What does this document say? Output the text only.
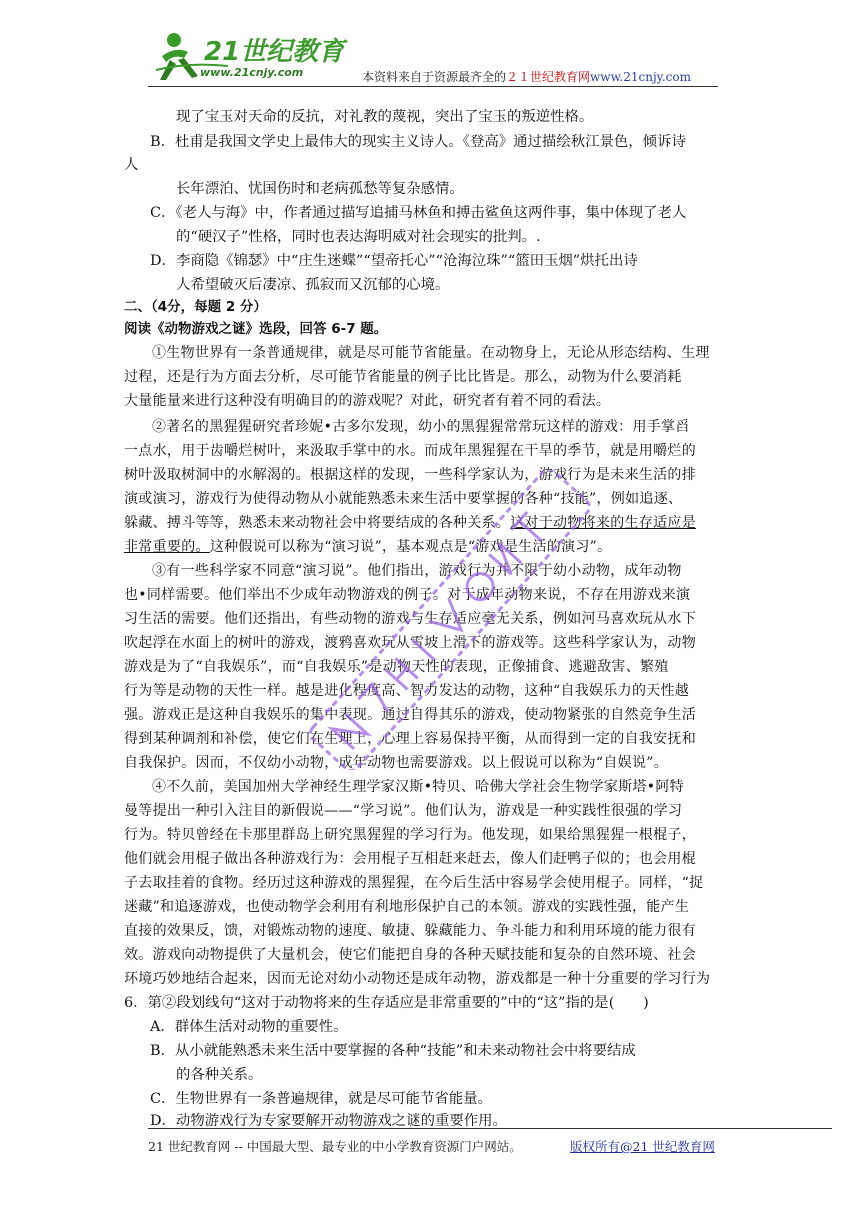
21世纪教育
www.21cnjy.com	本资料来自于资源最齐全的２１世纪教育网www.21cnjy.com
现了宝玉对天命的反抗，对礼教的蔑视，突出了宝玉的叛逆性格。
B．杜甫是我国文学史上最伟大的现实主义诗人。《登高》通过描绘秋江景色，倾诉诗
人
长年漂泊、忧国伤时和老病孤愁等复杂感情。
C．《老人与海》中，作者通过描写追捕马林鱼和搏击鲨鱼这两件事，集中体现了老人
的“硬汉子”性格，同时也表达海明威对社会现实的批判。.
D．李商隐《锦瑟》中“庄生迷蝶”“望帝托心”“沧海泣珠”“篮田玉烟”烘托出诗
人希望破灭后凄凉、孤寂而又沉郁的心境。
二、（4分，每题 2 分）
阅读《动物游戏之谜》选段，回答 6-7 题。
①生物世界有一条普通规律，就是尽可能节省能量。在动物身上，无论从形态结构、生理
过程，还是行为方面去分析，尽可能节省能量的例子比比皆是。那么，动物为什么要消耗
大量能量来进行这种没有明确目的的游戏呢？对此，研究者有着不同的看法。
②著名的黑猩猩研究者珍妮•古多尔发现，幼小的黑猩猩常常玩这样的游戏：用手掌舀
一点水，用于齿嚼烂树叶，来汲取手掌中的水。而成年黑猩猩在干旱的季节，就是用嚼烂的
树叶汲取树洞中的水解渴的。根据这样的发现，一些科学家认为，游戏行为是未来生活的排
演或演习，游戏行为使得动物从小就能熟悉未来生活中要掌握的各种“技能”，例如追逐、
躲藏、搏斗等等，熟悉未来动物社会中将要结成的各种关系。这对于动物将来的生存适应是
非常重要的。这种假说可以称为“演习说”，基本观点是“游戏是生活的演习”。
③有一些科学家不同意“演习说”。他们指出，游戏行为并不限于幼小动物，成年动物
也•同样需要。他们举出不少成年动物游戏的例子。对于成年动物来说，不存在用游戏来演
习生活的需要。他们还指出，有些动物的游戏与生存适应毫无关系，例如河马喜欢玩从水下
吹起浮在水面上的树叶的游戏，渡鸦喜欢玩从雪坡上滑下的游戏等。这些科学家认为，动物
游戏是为了“自我娱乐”，而“自我娱乐”是动物天性的表现，正像捕食、逃避敌害、繁殖
行为等是动物的天性一样。越是进化程度高、智力发达的动物，这种“自我娱乐力的天性越
强。游戏正是这种自我娱乐的集中表现。通过自得其乐的游戏，使动物紧张的自然竞争生活
得到某种调剂和补偿，使它们在生理上，心理上容易保持平衡，从而得到一定的自我安抚和
自我保护。因而，不仅幼小动物，成年动物也需要游戏。以上假说可以称为“自娱说”。
④不久前，美国加州大学神经生理学家汉斯•特贝、哈佛大学社会生物学家斯塔•阿特
曼等提出一种引入注目的新假说——“学习说”。他们认为，游戏是一种实践性很强的学习
行为。特贝曾经在卡那里群岛上研究黑猩猩的学习行为。他发现，如果给黑猩猩一根棍子，
他们就会用棍子做出各种游戏行为：会用棍子互相赶来赶去，像人们赶鸭子似的；也会用棍
子去取挂着的食物。经历过这种游戏的黑猩猩，在今后生活中容易学会使用棍子。同样，“捉
迷藏”和追逐游戏，也使动物学会利用有利地形保护自己的本领。游戏的实践性强，能产生
直接的效果反，馈，对锻炼动物的速度、敏捷、躲藏能力、争斗能力和利用环境的能力很有
效。游戏向动物提供了大量机会，使它们能把自身的各种天赋技能和复杂的自然环境、社会
环境巧妙地结合起来，因而无论对幼小动物还是成年动物，游戏都是一种十分重要的学习行为
6．第②段划线句“这对于动物将来的生存适应是非常重要的”中的“这”指的是(　　)
A．群体生活对动物的重要性。
B．从小就能熟悉未来生活中要掌握的各种“技能”和未来动物社会中将要结成
的各种关系。
C．生物世界有一条普遍规律，就是尽可能节省能量。
D．动物游戏行为专家要解开动物游戏之谜的重要作用。
21 世纪教育网 -- 中国最大型、最专业的中小学教育资源门户网站。	版权所有@21 世纪教育网
